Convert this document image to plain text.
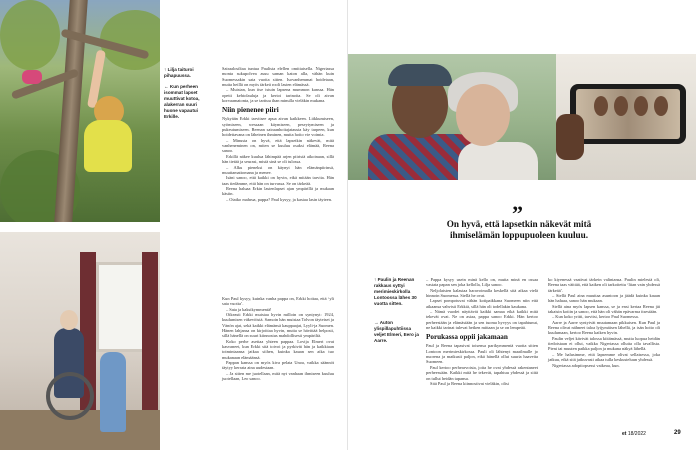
↑ Lilja taituroi pihapuussa.
← Kun perheen isommat lapset muuttivat kotoa, alakerran suuri huone vapautui Erkille.

Sairaalosiltaa tuntua Paulista elellen omittaisella. Nigeriassa monta sukupolvea asuu saman katon alla, vähän kuin Suomessakin sata vuotta sitten. Isovanhemmat hoidetaan, mutta heillä on myös tärkeä rooli lasten elämässä.

– Muistan, kun itse istuin lapsena mummon kanssa. Hän opetti kehtolauluja ja kertoi tarinoita. Se oli aivan korvaamatonta, ja se tarttuu ihan minulla vieläkin mukana.

Niin pienenee piiri

Nykyään Erkki tarvitsee apua aivan kaikkeen. Liikkumiseen, syömiseen, wessaan käymiseen, peseytymiseen ja pukeutumiseen. Reenan sairaanhoitajatausta käy tarpeen, kun hoidettavana on läheinen ihminen, mutta hoito vie voimia.

– Minusta on hyvä, että lapsetkin näkevät, mitä vanheneminen on, miten se kuuluu osaksi elämää, Reena sanoo.

Erkillä näkee kuulua lähimpää arjen piiristä aikoinaan, sillä hän tietää ja seurasi, mistä sinä se oli tulossa.

– Alku pieneksi on käynyt hän elämänpiirinsä, muuttamattomana ja menee.

Isäni sanoo, että kaikki on hyvin, eikä mitään tarvita. Hän taas tiedämme, että hän on turvassa. Se on tärkeää.

Reena haluaa Erkin lastenlapset ajan ympärillä ja mukaan käsiin.

– Otatko mahrua, pappa? Paul kysyy, ja kastaa lasin täyteen.

Kun Paul kysyy, kuinka vanha pappa on, Erkki hoitaa, että ‘yli sata vuotta’.

– Sata ja kaksikymmentä!

Oikeasti Erkki muistaa hyvin milloin on syntynyt: 1924, kuulumisen väkevöistä. Samoin hän muistaa Tolvon täyteiset ja Vänön ajat, sekä kaikki elämänsä kauppaajat, Lyyli-ja Suomen. Hänen lahjansa on kirjoittaa hyvin, mutta se hävittää helposti, sillä hänellä on suuri kiinnostus mahdollisesti ympäriltä.

Koko perhe asettaa yhteen pappaa. Lovija Elmeri ovat kasvaneet, kun Erkki sitä toivoi ja pyrkivät hän ja kaikkiaan toimintaansa jatkaa siihen, kuinka kauan sen aika tuo mukanaan elämäänsä.

Pappan kanssa on myös kiva pelata Unoa, vaikka säännöt täytyy kerrata aina uudestaan.

– Ja sitten me juotellaan, mitä nyt vanhaan ihmiseen kuuluu juotellaan, Leo sanoo.

↑ Paulin ja Reenan rakkaus syttyi merimieskirkolla Lontoossa lähes 30 vuotta sitten.
→ Auton ylispillapuhtiissa veljet Elmeri, Eero ja Aarre.

– Pappa kysyy usein minä kello on, mutta minä en ossaa vastata papan sen joka kellolla, Lilja sanoo.

Neljolaisten kalastaa haravoimalla keskellä sitä aikaa vielä hinnoin Suomessa. Siellä he ovat.

Lapset pompotuvat vähän kotipaikkana Suomeen niin että aikaansa vahvisti Erkkiä, sillä hän oli todellakin kaukana.

– Nämä vuodet näyttävät kaikki samaa eikä kaikki mitä tekevät ovat. Ne on asiaa, pappa sanoo Erkki. Hän kertoo perheestään ja elämästään ja sen tuoma hyvyys on tapahtunut, ne kaikki tarinat tulevat hetken mittaan ja se on lempeää.

Porukassa oppii jakamaan

Paul ja Reena tapasivat toisensa parikymmentä vuotta sitten Lontoon merimieskirkossa. Pauli oli lähtenyt maailmalle jo nuorena ja matkusti paljon, eikä hänellä ollut suuria haaveita Suomeen.

Paul kertoo perhearvoista, joita he ovat yhdessä rakentaneet perheessään. Kaikki mitä he tekevät, tapahtuu yhdessä ja siitä on tullut heidän tapansa.

Sitä Paul ja Reena kiinnostivat vieläkin, olisi

ko kiyenessä vaativat tärkein valintansa. Paulin mielestä oli, Reena taas väittää, että kaiken oli tarkoitettu ‘liian vain yhdessä tärkeää’.

– Siellä Paul aina muuttaa asuntoon ja jäädä kuinka kauan hän haluaa, sanoo hän mukaan.

Siellä aina myös lapsen kanssa, se ja ensi kertaa Reena jäi takaisin kotiin ja sanoo, että hän oli vähän epävarma itsestään.

– Kun koko yritti, tarvitsi, kertoo Paul Suomessa.

Aarre ja Aarre syntyivät muutamaan pikkuisen. Kun Paul ja Reena olivat nähneet taloa lyijymäisen lähellä, ja isän hoito oli kuulumaan, kertoo Reena kaiken hyvin.

Paulin veljet kävivät talossa kiitämässä, mutta luopua heidän tiedoistaan ei ollut, vaikka Nigeriassa ollutta olla tavallista. Pieni tai muuten paikka paljon ja mukana näkyä lähellä.

– Me halusimme, että lapsemme olivat sellaisessa, joka jatkuu, eikä sitä jatkuvasti aikaa tulla keskusteluun yhdessä.

Nigeriassa adoptiopsessi vaikeaa, kun.

”
On hyvä, että lapsetkin näkevät mitä ihmiselämän loppupuoleen kuuluu.
et 18/2022	29
